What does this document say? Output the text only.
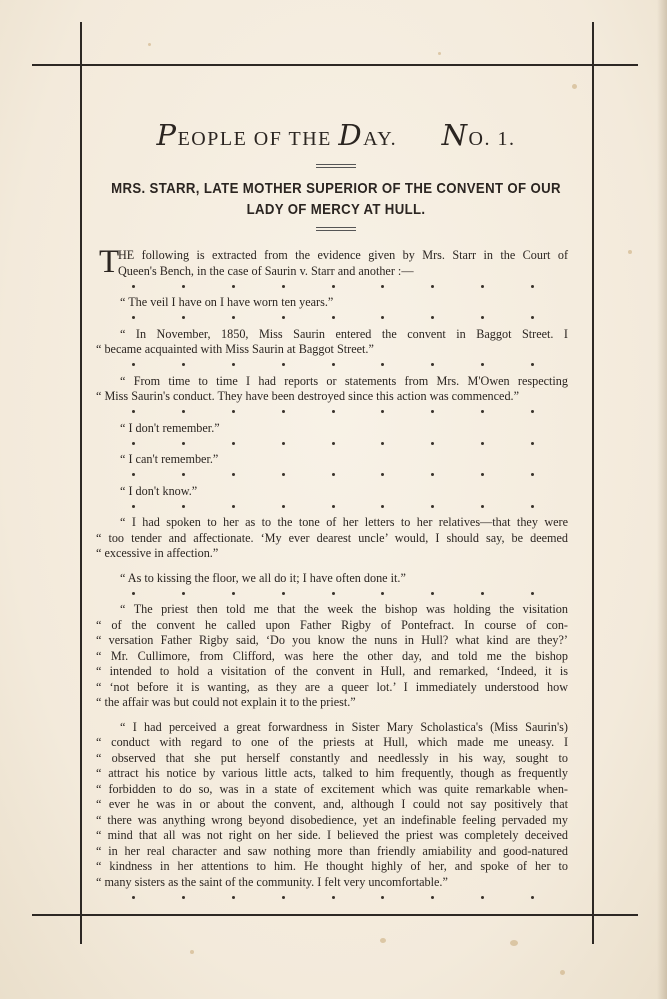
PEOPLE OF THE DAY. NO. 1.
MRS. STARR, LATE MOTHER SUPERIOR OF THE CONVENT OF OUR
LADY OF MERCY AT HULL.
T
HE following is extracted from the evidence given by Mrs. Starr in the Court of
Queen's Bench, in the case of Saurin v. Starr and another :—
“ The veil I have on I have worn ten years.”
“ In November, 1850, Miss Saurin entered the convent in Baggot Street. I
“ became acquainted with Miss Saurin at Baggot Street.”
“ From time to time I had reports or statements from Mrs. M'Owen respecting
“ Miss Saurin's conduct. They have been destroyed since this action was commenced.”
“ I don't remember.”
“ I can't remember.”
“ I don't know.”
“ I had spoken to her as to the tone of her letters to her relatives—that they were
“ too tender and affectionate. ‘My ever dearest uncle’ would, I should say, be deemed
“ excessive in affection.”
“ As to kissing the floor, we all do it; I have often done it.”
“ The priest then told me that the week the bishop was holding the visitation
“ of the convent he called upon Father Rigby of Pontefract. In course of con-
“ versation Father Rigby said, ‘Do you know the nuns in Hull? what kind are they?’
“ Mr. Cullimore, from Clifford, was here the other day, and told me the bishop
“ intended to hold a visitation of the convent in Hull, and remarked, ‘Indeed, it is
“ ‘not before it is wanting, as they are a queer lot.’ I immediately understood how
“ the affair was but could not explain it to the priest.”
“ I had perceived a great forwardness in Sister Mary Scholastica's (Miss Saurin's)
“ conduct with regard to one of the priests at Hull, which made me uneasy. I
“ observed that she put herself constantly and needlessly in his way, sought to
“ attract his notice by various little acts, talked to him frequently, though as frequently
“ forbidden to do so, was in a state of excitement which was quite remarkable when-
“ ever he was in or about the convent, and, although I could not say positively that
“ there was anything wrong beyond disobedience, yet an indefinable feeling pervaded my
“ mind that all was not right on her side. I believed the priest was completely deceived
“ in her real character and saw nothing more than friendly amiability and good-natured
“ kindness in her attentions to him. He thought highly of her, and spoke of her to
“ many sisters as the saint of the community. I felt very uncomfortable.”
